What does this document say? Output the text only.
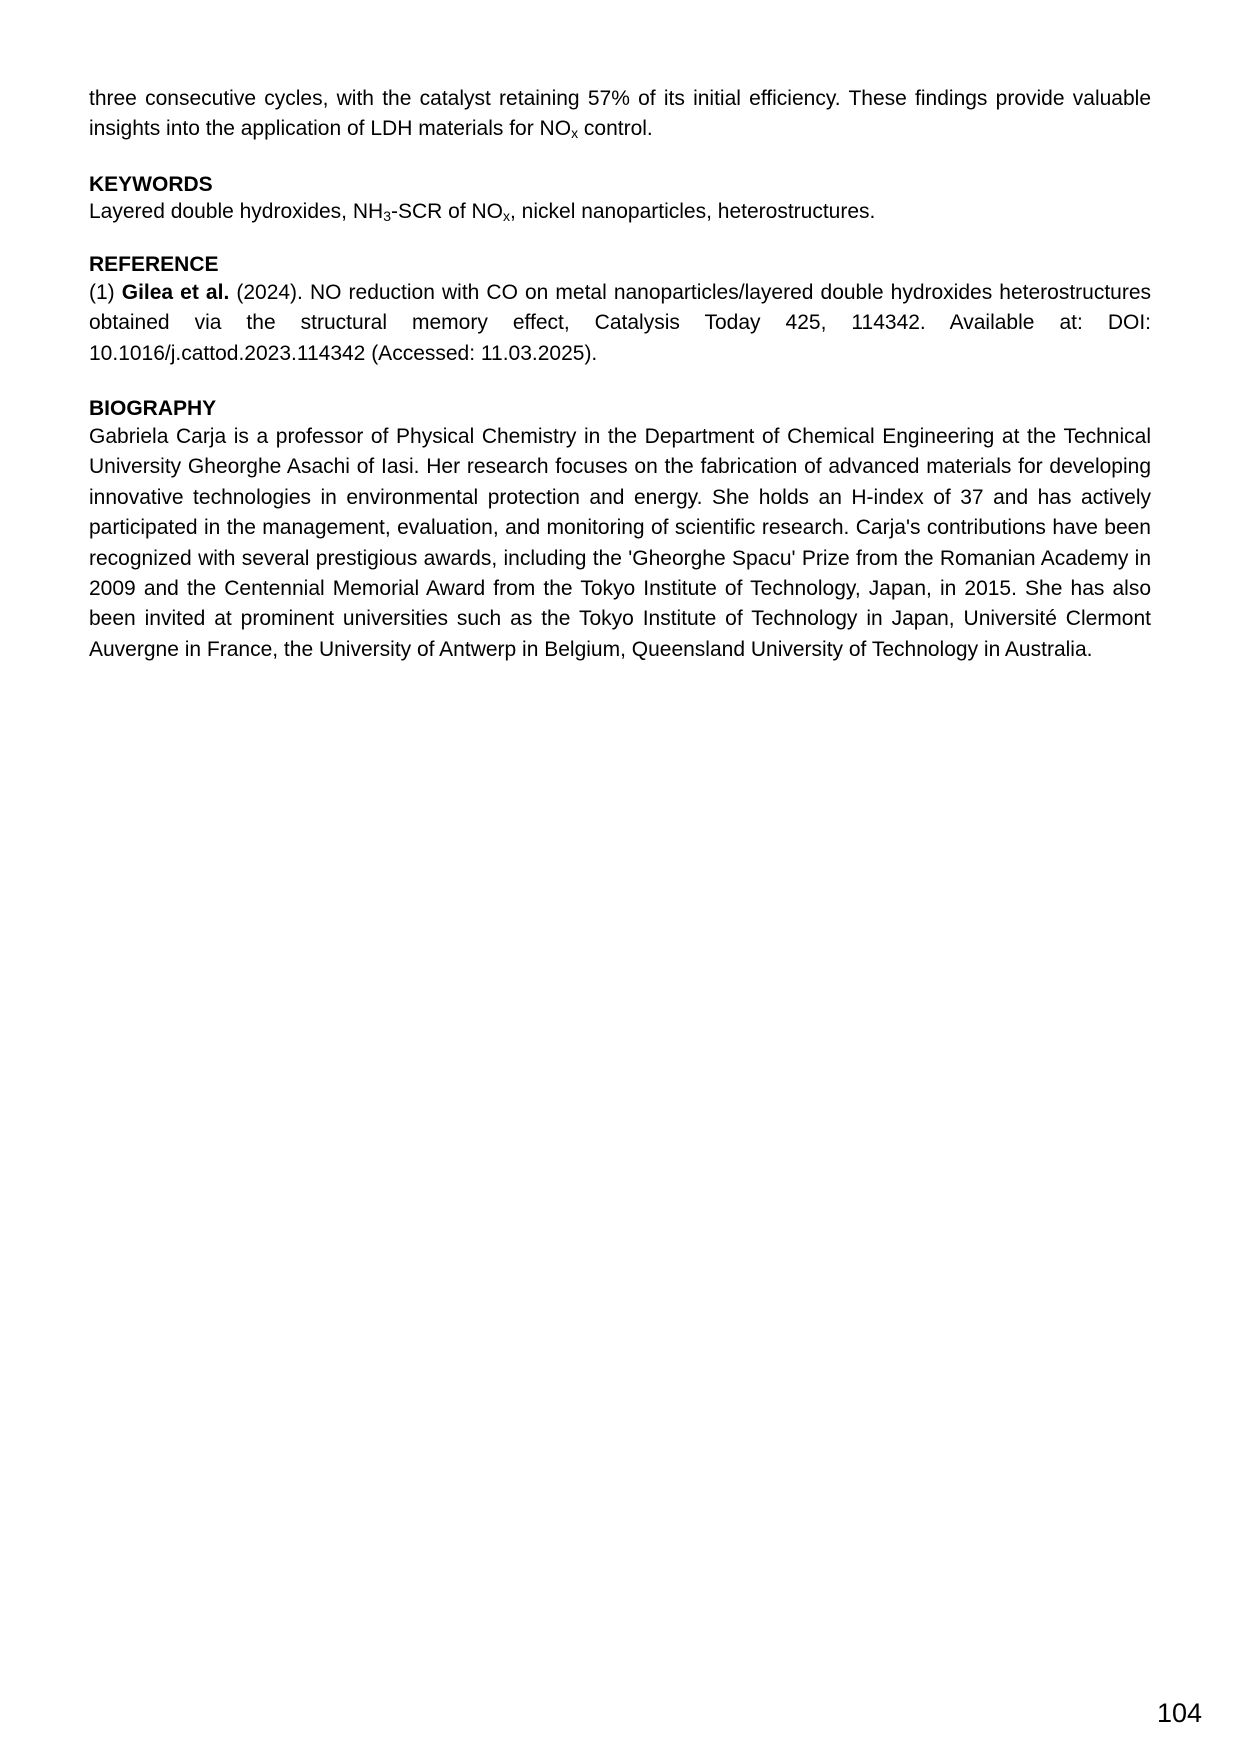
three consecutive cycles, with the catalyst retaining 57% of its initial efficiency. These findings provide valuable insights into the application of LDH materials for $NO_x$ control.

KEYWORDS

Layered double hydroxides, $NH_3$-SCR of $NO_x$, nickel nanoparticles, heterostructures.

REFERENCE

(1) Gilea et al. (2024). NO reduction with CO on metal nanoparticles/layered double hydroxides heterostructures obtained via the structural memory effect, Catalysis Today 425, 114342. Available at: DOI: 10.1016/j.cattod.2023.114342 (Accessed: 11.03.2025).

BIOGRAPHY

Gabriela Carja is a professor of Physical Chemistry in the Department of Chemical Engineering at the Technical University Gheorghe Asachi of Iasi. Her research focuses on the fabrication of advanced materials for developing innovative technologies in environmental protection and energy. She holds an H-index of 37 and has actively participated in the management, evaluation, and monitoring of scientific research. Carja's contributions have been recognized with several prestigious awards, including the 'Gheorghe Spacu' Prize from the Romanian Academy in 2009 and the Centennial Memorial Award from the Tokyo Institute of Technology, Japan, in 2015. She has also been invited at prominent universities such as the Tokyo Institute of Technology in Japan, Université Clermont Auvergne in France, the University of Antwerp in Belgium, Queensland University of Technology in Australia.

104
